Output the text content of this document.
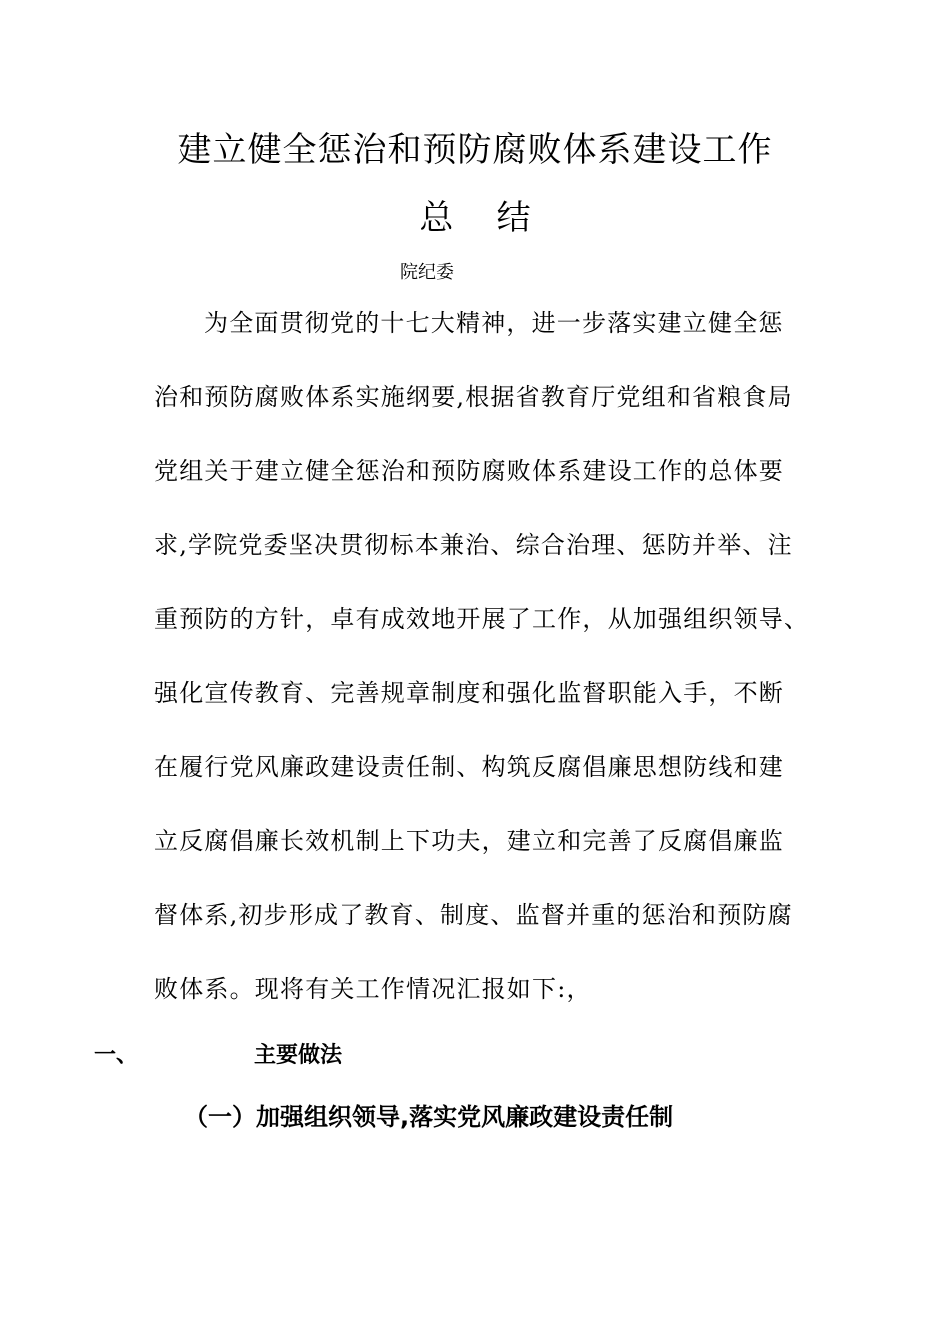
建立健全惩治和预防腐败体系建设工作
总    结
院纪委
为全面贯彻党的十七大精神，进一步落实建立健全惩
治和预防腐败体系实施纲要,根据省教育厅党组和省粮食局
党组关于建立健全惩治和预防腐败体系建设工作的总体要
求,学院党委坚决贯彻标本兼治、综合治理、惩防并举、注
重预防的方针，卓有成效地开展了工作，从加强组织领导、
强化宣传教育、完善规章制度和强化监督职能入手，不断
在履行党风廉政建设责任制、构筑反腐倡廉思想防线和建
立反腐倡廉长效机制上下功夫，建立和完善了反腐倡廉监
督体系,初步形成了教育、制度、监督并重的惩治和预防腐
败体系。现将有关工作情况汇报如下:，
一、	主要做法
（一）加强组织领导,落实党风廉政建设责任制
